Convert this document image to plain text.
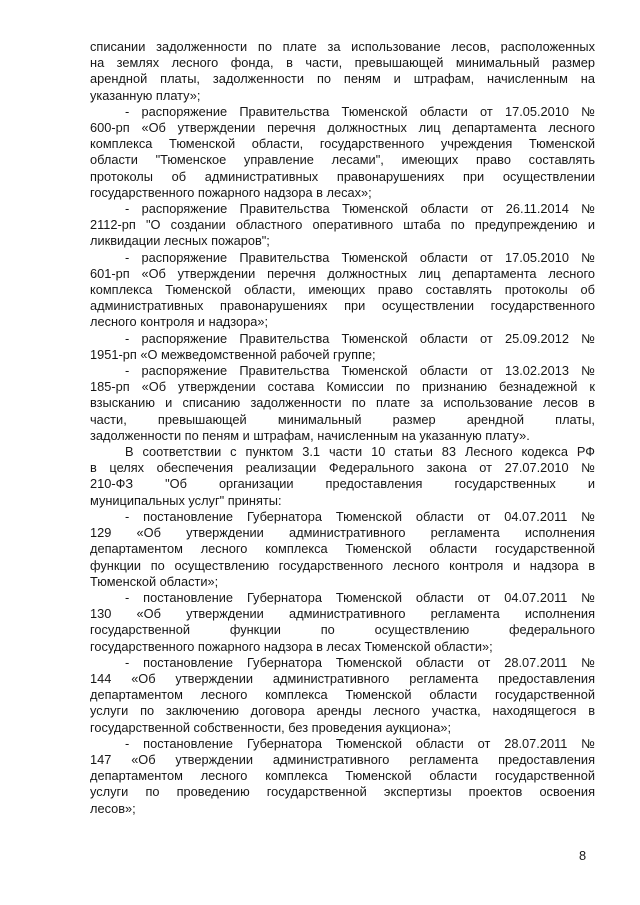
списании задолженности по плате за использование лесов, расположенных
на землях лесного фонда, в части, превышающей минимальный размер
арендной платы, задолженности по пеням и штрафам, начисленным на
указанную плату»;

- распоряжение Правительства Тюменской области от 17.05.2010 №
600-рп «Об утверждении перечня должностных лиц департамента лесного
комплекса Тюменской области, государственного учреждения Тюменской
области "Тюменское управление лесами", имеющих право составлять
протоколы об административных правонарушениях при осуществлении
государственного пожарного надзора в лесах»;

- распоряжение Правительства Тюменской области от 26.11.2014 №
2112-рп "О создании областного оперативного штаба по предупреждению и
ликвидации лесных пожаров";

- распоряжение Правительства Тюменской области от 17.05.2010 №
601-рп «Об утверждении перечня должностных лиц департамента лесного
комплекса Тюменской области, имеющих право составлять протоколы об
административных правонарушениях при осуществлении государственного
лесного контроля и надзора»;

- распоряжение Правительства Тюменской области от 25.09.2012 №
1951-рп «О межведомственной рабочей группе;

- распоряжение Правительства Тюменской области от 13.02.2013 №
185-рп «Об утверждении состава Комиссии по признанию безнадежной к
взысканию и списанию задолженности по плате за использование лесов в
части, превышающей минимальный размер арендной платы,
задолженности по пеням и штрафам, начисленным на указанную плату».

В соответствии с пунктом 3.1 части 10 статьи 83 Лесного кодекса РФ
в целях обеспечения реализации Федерального закона от 27.07.2010 №
210-ФЗ "Об организации предоставления государственных и
муниципальных услуг" приняты:

- постановление Губернатора Тюменской области от 04.07.2011 №
129 «Об утверждении административного регламента исполнения
департаментом лесного комплекса Тюменской области государственной
функции по осуществлению государственного лесного контроля и надзора в
Тюменской области»;

- постановление Губернатора Тюменской области от 04.07.2011 №
130 «Об утверждении административного регламента исполнения
государственной функции по осуществлению федерального
государственного пожарного надзора в лесах Тюменской области»;

- постановление Губернатора Тюменской области от 28.07.2011 №
144 «Об утверждении административного регламента предоставления
департаментом лесного комплекса Тюменской области государственной
услуги по заключению договора аренды лесного участка, находящегося в
государственной собственности, без проведения аукциона»;

- постановление Губернатора Тюменской области от 28.07.2011 №
147 «Об утверждении административного регламента предоставления
департаментом лесного комплекса Тюменской области государственной
услуги по проведению государственной экспертизы проектов освоения
лесов»;

8
